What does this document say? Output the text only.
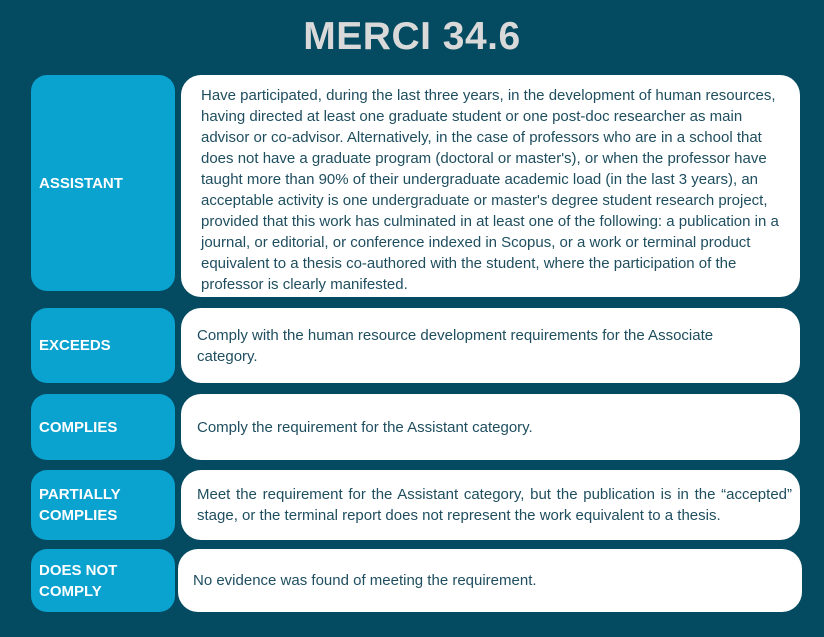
MERCI 34.6
ASSISTANT
Have participated, during the last three years, in the development of human resources, having directed at least one graduate student or one post-doc researcher as main advisor or co-advisor. Alternatively, in the case of professors who are in a school that does not have a graduate program (doctoral or master's), or when the professor have taught more than 90% of their undergraduate academic load (in the last 3 years), an acceptable activity is one undergraduate or master's degree student research project, provided that this work has culminated in at least one of the following: a publication in a journal, or editorial, or conference indexed in Scopus, or a work or terminal product equivalent to a thesis co-authored with the student, where the participation of the professor is clearly manifested.
EXCEEDS
Comply with the human resource development requirements for the Associate category.
COMPLIES	Comply the requirement for the Assistant category.
PARTIALLY COMPLIES
Meet the requirement for the Assistant category, but the publication is in the “accepted” stage, or the terminal report does not represent the work equivalent to a thesis.
DOES NOT COMPLY
No evidence was found of meeting the requirement.
